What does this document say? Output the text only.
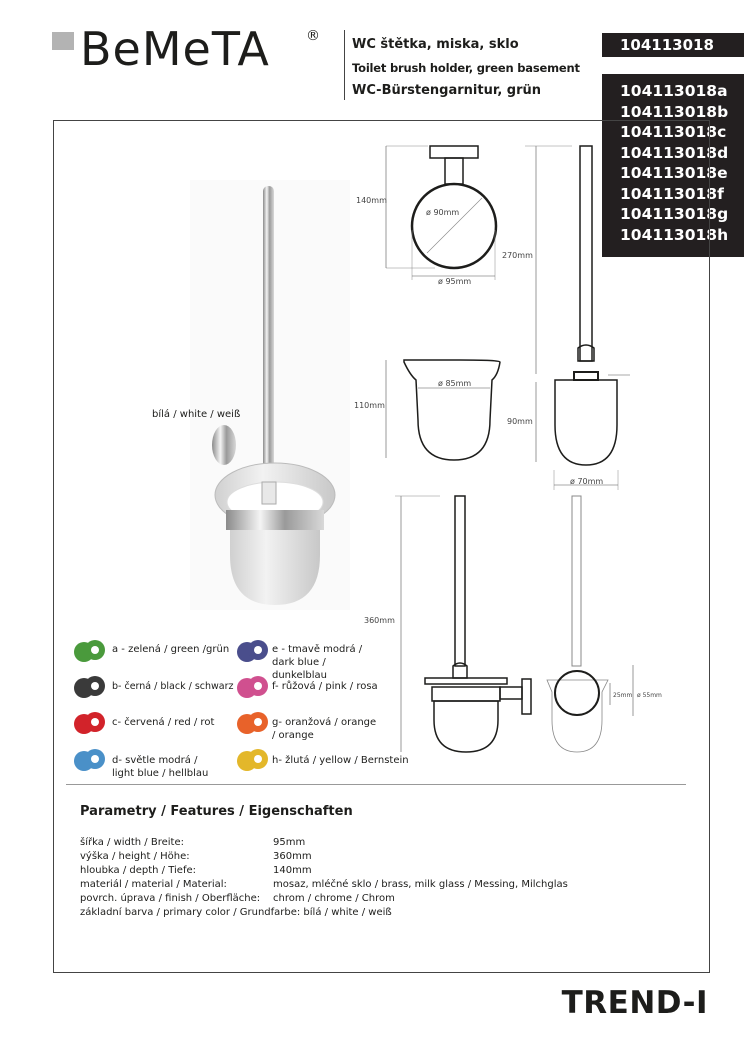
BeMeTA	®
WC štětka, miska, sklo
Toilet brush holder, green basement
WC-Bürstengarnitur, grün
104113018
104113018a
104113018b
104113018c
104113018d
104113018e
104113018f
104113018g
104113018h
bílá / white / weiß
140mm
ø 90mm
ø 95mm
270mm
110mm
ø 85mm
90mm
ø 70mm
360mm
25mm ø 55mm
a - zelená / green /grün
b- černá / black / schwarz
c- červená / red / rot
d- světle modrá / light blue / hellblau
e - tmavě modrá / dark blue / dunkelblau
f- růžová / pink / rosa
g- oranžová / orange / orange
h- žlutá / yellow / Bernstein
Parametry / Features / Eigenschaften
šířka / width / Breite:	95mm
výška / height / Höhe:	360mm
hloubka / depth / Tiefe:	140mm
materiál / material / Material:	mosaz, mléčné sklo / brass, milk glass / Messing, Milchglas
povrch. úprava / finish / Oberfläche: chrom / chrome / Chrom
základní barva / primary color / Grundfarbe: bílá / white / weiß
TREND-I
